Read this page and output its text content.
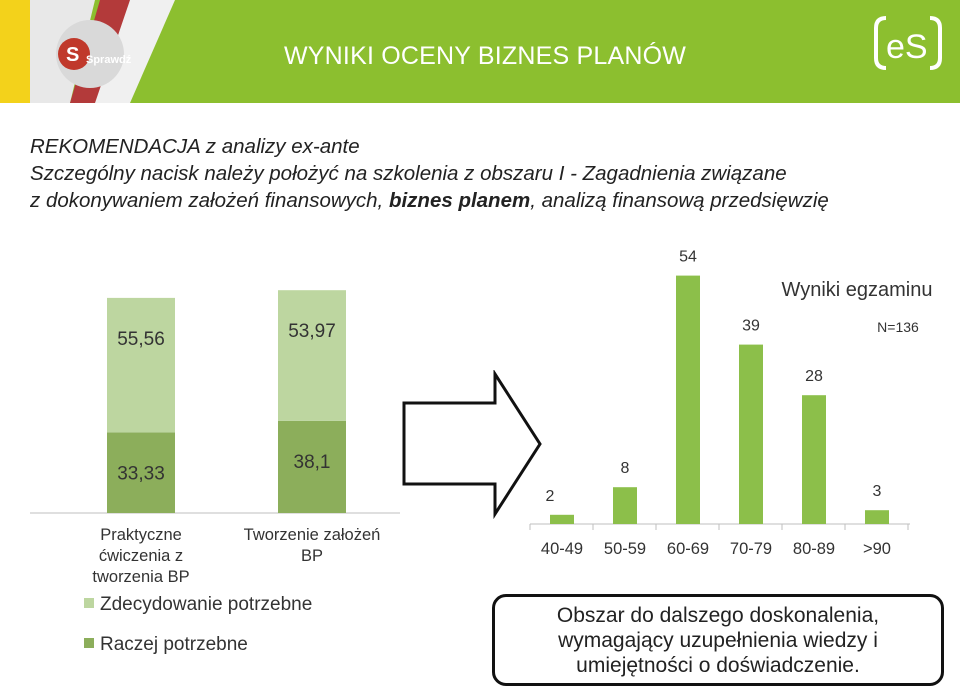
S Sprawdź	WYNIKI OCENY BIZNES PLANÓW	eS
REKOMENDACJA z analizy ex-ante
Szczególny nacisk należy położyć na szkolenia z obszaru I - Zagadnienia związane
z dokonywaniem założeń finansowych, biznes planem, analizą finansową przedsięwzię
33,33
55,56
Praktyczne
ćwiczenia z
tworzenia BP
38,1
53,97
Tworzenie założeń
BP
2
40-49
8
50-59
54
60-69
39
70-79
28
80-89
3
>90
Wyniki egzaminu
N=136
Zdecydowanie potrzebne
Raczej potrzebne
Obszar do dalszego doskonalenia,
wymagający uzupełnienia wiedzy i
umiejętności o doświadczenie.
